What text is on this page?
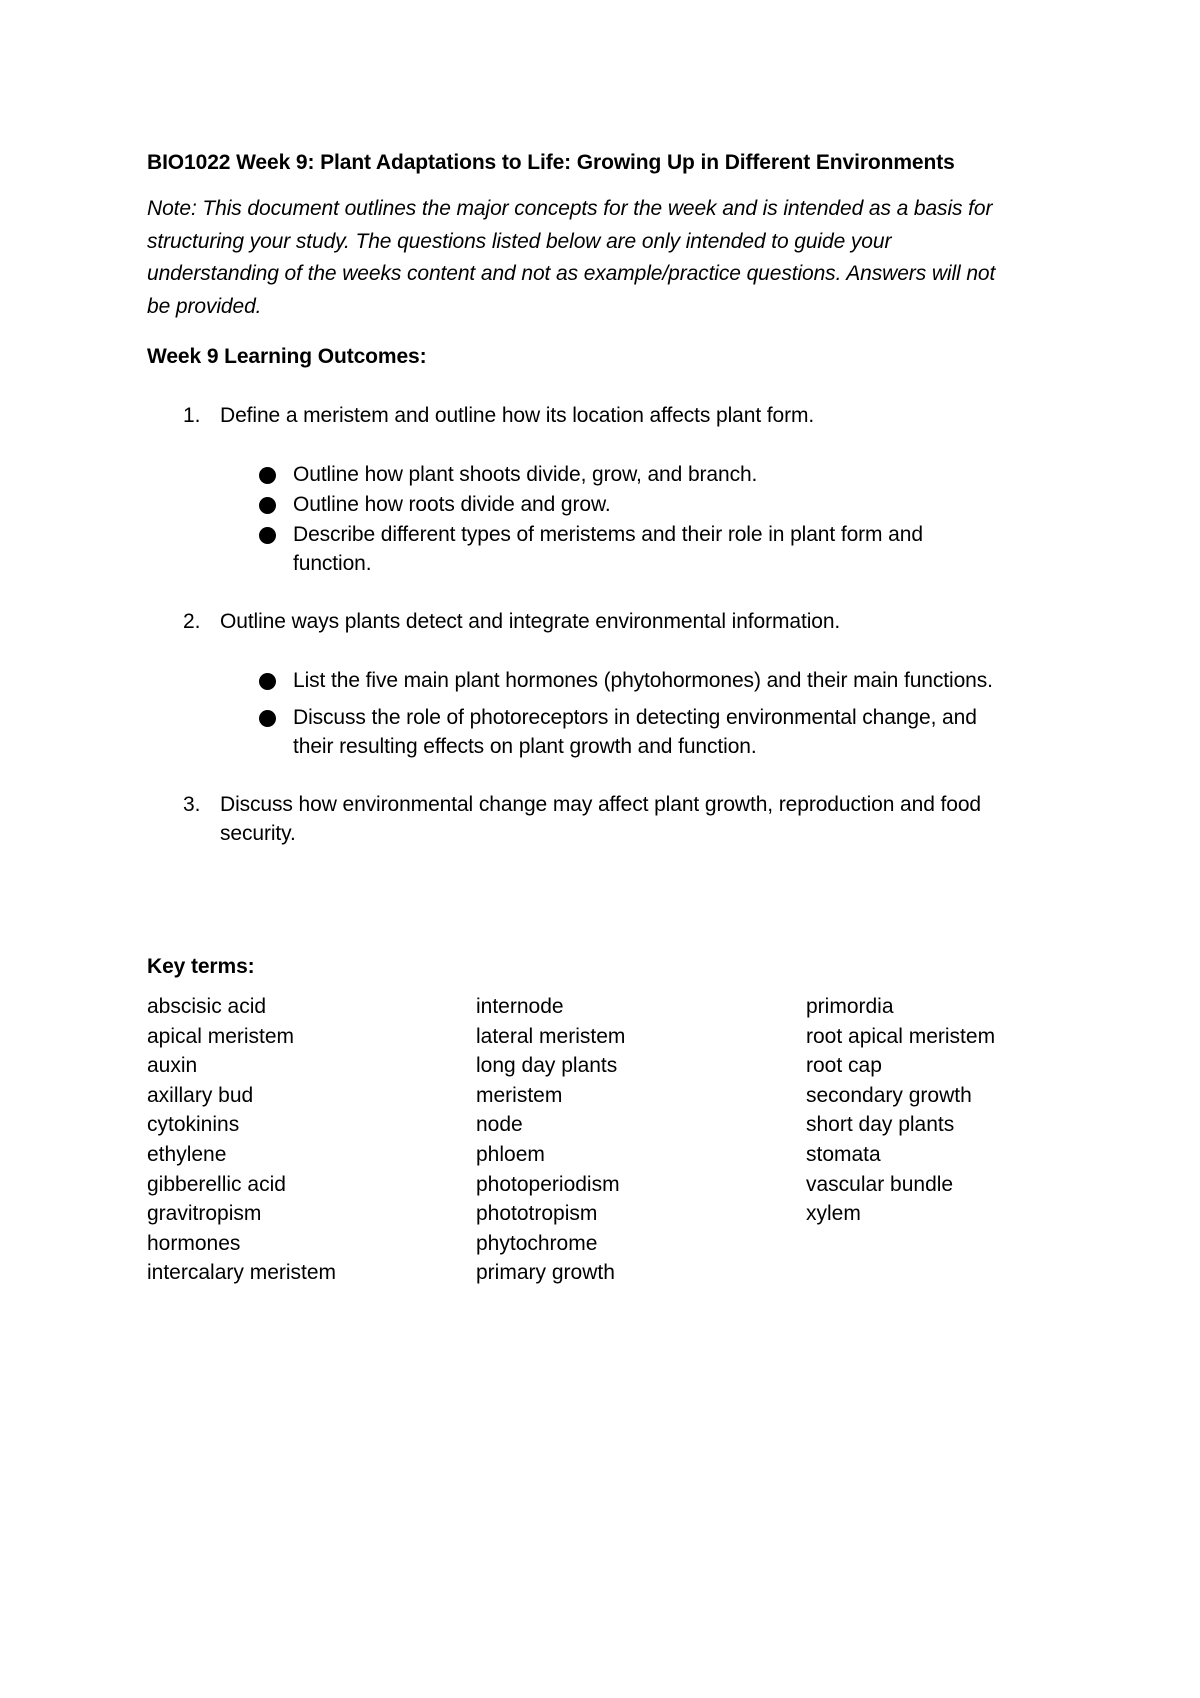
BIO1022 Week 9: Plant Adaptations to Life: Growing Up in Different Environments
Note: This document outlines the major concepts for the week and is intended as a basis for
structuring your study. The questions listed below are only intended to guide your
understanding of the weeks content and not as example/practice questions. Answers will not
be provided.
Week 9 Learning Outcomes:
1. Define a meristem and outline how its location affects plant form.
Outline how plant shoots divide, grow, and branch.
Outline how roots divide and grow.
Describe different types of meristems and their role in plant form and
function.
2. Outline ways plants detect and integrate environmental information.
List the five main plant hormones (phytohormones) and their main functions.
Discuss the role of photoreceptors in detecting environmental change, and
their resulting effects on plant growth and function.
3. Discuss how environmental change may affect plant growth, reproduction and food
security.
Key terms:
abscisic acid
apical meristem
auxin
axillary bud
cytokinins
ethylene
gibberellic acid
gravitropism
hormones
intercalary meristem
internode
lateral meristem
long day plants
meristem
node
phloem
photoperiodism
phototropism
phytochrome
primary growth
primordia
root apical meristem
root cap
secondary growth
short day plants
stomata
vascular bundle
xylem
